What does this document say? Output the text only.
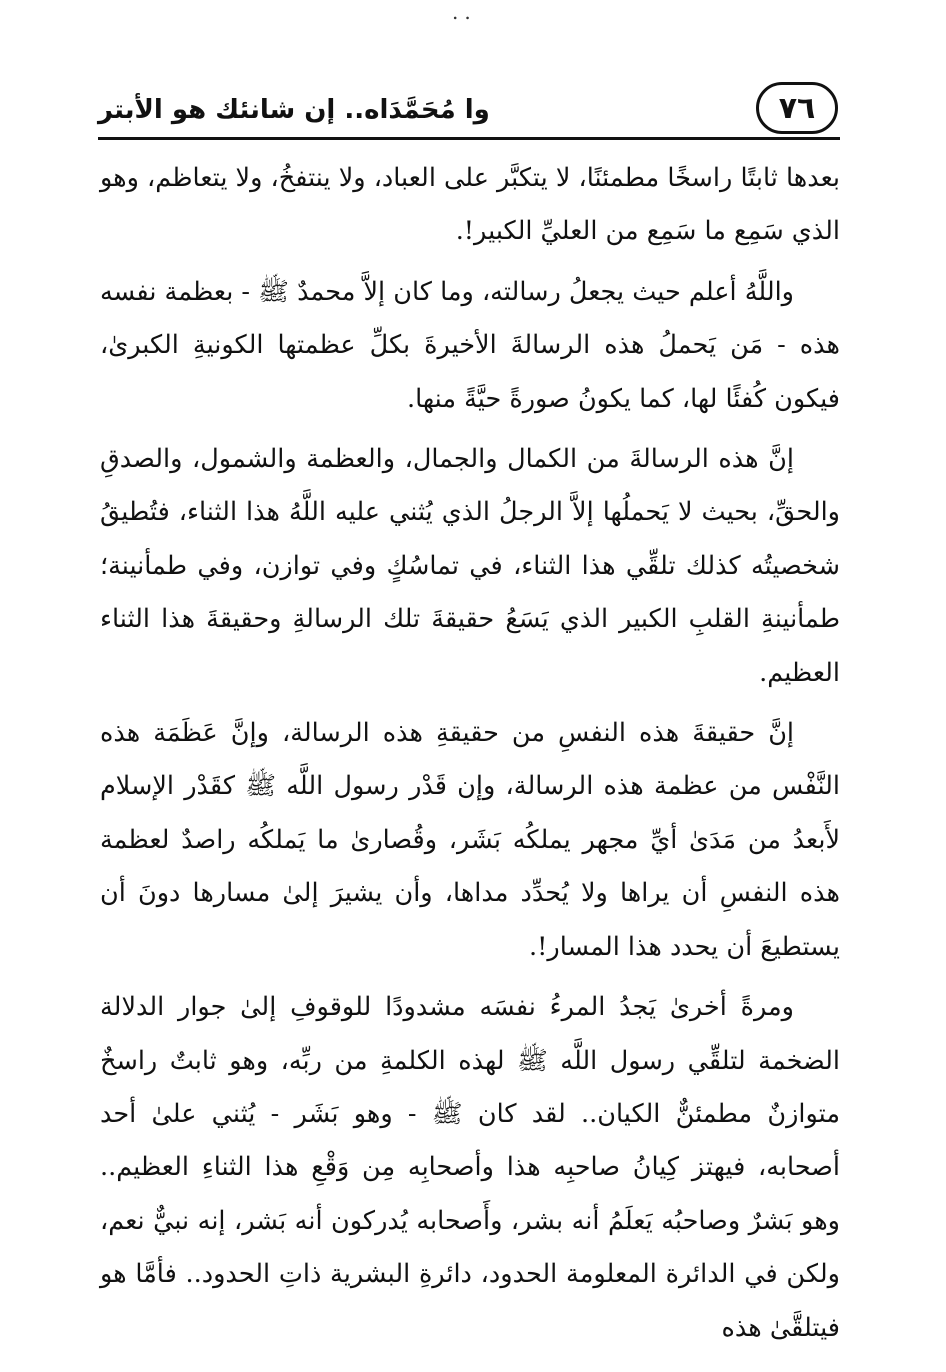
..
وا مُحَمَّدَاه.. إن شانئك هو الأبتر	٧٦

بعدها ثابتًا راسخًا مطمئنًا، لا يتكبَّر على العباد، ولا ينتفخُ، ولا يتعاظم، وهو الذي سَمِع ما سَمِع من العليِّ الكبير!.

واللَّهُ أعلم حيث يجعلُ رسالته، وما كان إلاَّ محمدٌ ﷺ - بعظمة نفسه هذه - مَن يَحملُ هذه الرسالةَ الأخيرةَ بكلِّ عظمتها الكونيةِ الكبرىٰ، فيكون كُفئًا لها، كما يكونُ صورةً حيَّةً منها.

إنَّ هذه الرسالةَ من الكمال والجمال، والعظمة والشمول، والصدقِ والحقِّ، بحيث لا يَحملُها إلاَّ الرجلُ الذي يُثني عليه اللَّهُ هذا الثناء، فتُطيقُ شخصيتُه كذلك تلقِّي هذا الثناء، في تماسُكٍ وفي توازن، وفي طمأنينة؛ طمأنينةِ القلبِ الكبير الذي يَسَعُ حقيقةَ تلك الرسالةِ وحقيقةَ هذا الثناء العظيم.

إنَّ حقيقةَ هذه النفسِ من حقيقةِ هذه الرسالة، وإنَّ عَظَمَة هذه النَّفْس من عظمة هذه الرسالة، وإن قَدْر رسول اللَّه ﷺ كقَدْر الإسلام لأَبعدُ من مَدَىٰ أيِّ مجهر يملكُه بَشَر، وقُصارىٰ ما يَملكُه راصدٌ لعظمة هذه النفسِ أن يراها ولا يُحدِّد مداها، وأن يشيرَ إلىٰ مسارها دونَ أن يستطيعَ أن يحدد هذا المسار!.

ومرةً أخرىٰ يَجدُ المرءُ نفسَه مشدودًا للوقوفِ إلىٰ جوار الدلالة الضخمة لتلقِّي رسول اللَّه ﷺ لهذه الكلمةِ من ربِّه، وهو ثابتٌ راسخٌ متوازنٌ مطمئنٌّ الكيان.. لقد كان ﷺ - وهو بَشَر - يُثني علىٰ أحد أصحابه، فيهتز كِيانُ صاحبِه هذا وأصحابِه مِن وَقْعِ هذا الثناءِ العظيم.. وهو بَشرٌ وصاحبُه يَعلَمُ أنه بشر، وأَصحابه يُدركون أنه بَشر، إنه نبيٌّ نعم، ولكن في الدائرة المعلومة الحدود، دائرةِ البشرية ذاتِ الحدود.. فأمَّا هو فيتلقَّىٰ هذه
